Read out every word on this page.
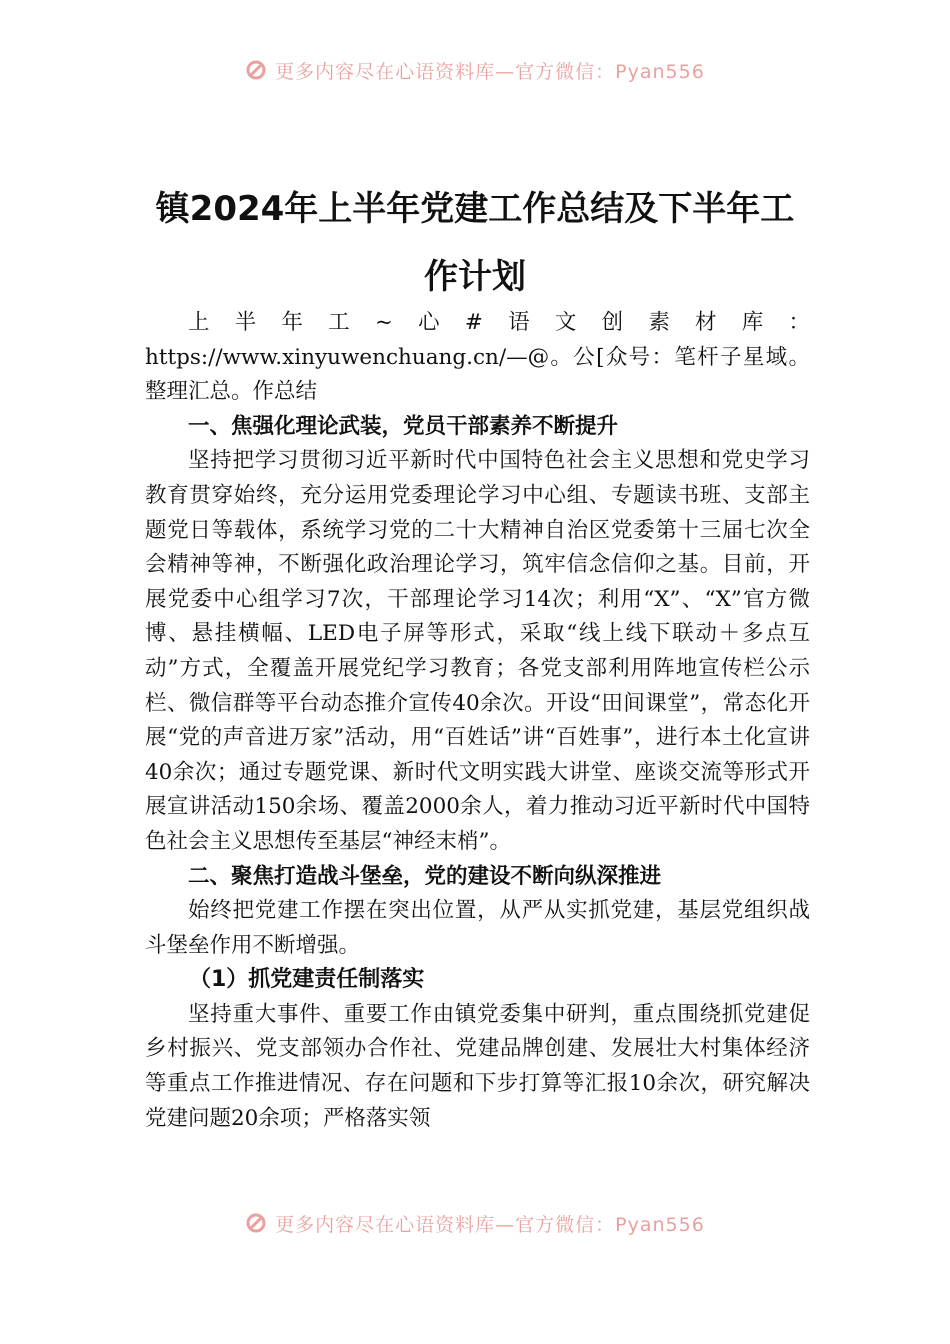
更多内容尽在心语资料库—官方微信：Pyan556
镇2024年上半年党建工作总结及下半年工作计划

上半年工~心#语文创素材库：https://www.xinyuwenchuang.cn/—@。公[众号：笔杆子星域。整理汇总。作总结

一、焦强化理论武装，党员干部素养不断提升

坚持把学习贯彻习近平新时代中国特色社会主义思想和党史学习教育贯穿始终，充分运用党委理论学习中心组、专题读书班、支部主题党日等载体，系统学习党的二十大精神自治区党委第十三届七次全会精神等神，不断强化政治理论学习，筑牢信念信仰之基。目前，开展党委中心组学习7次，干部理论学习14次；利用“X”、“X”官方微博、悬挂横幅、LED电子屏等形式，采取“线上线下联动＋多点互动”方式，全覆盖开展党纪学习教育；各党支部利用阵地宣传栏公示栏、微信群等平台动态推介宣传40余次。开设“田间课堂”，常态化开展“党的声音进万家”活动，用“百姓话”讲“百姓事”，进行本土化宣讲40余次；通过专题党课、新时代文明实践大讲堂、座谈交流等形式开展宣讲活动150余场、覆盖2000余人，着力推动习近平新时代中国特色社会主义思想传至基层“神经末梢”。

二、聚焦打造战斗堡垒，党的建设不断向纵深推进

始终把党建工作摆在突出位置，从严从实抓党建，基层党组织战斗堡垒作用不断增强。

（1）抓党建责任制落实

坚持重大事件、重要工作由镇党委集中研判，重点围绕抓党建促乡村振兴、党支部领办合作社、党建品牌创建、发展壮大村集体经济等重点工作推进情况、存在问题和下步打算等汇报10余次，研究解决党建问题20余项；严格落实领

更多内容尽在心语资料库—官方微信：Pyan556
